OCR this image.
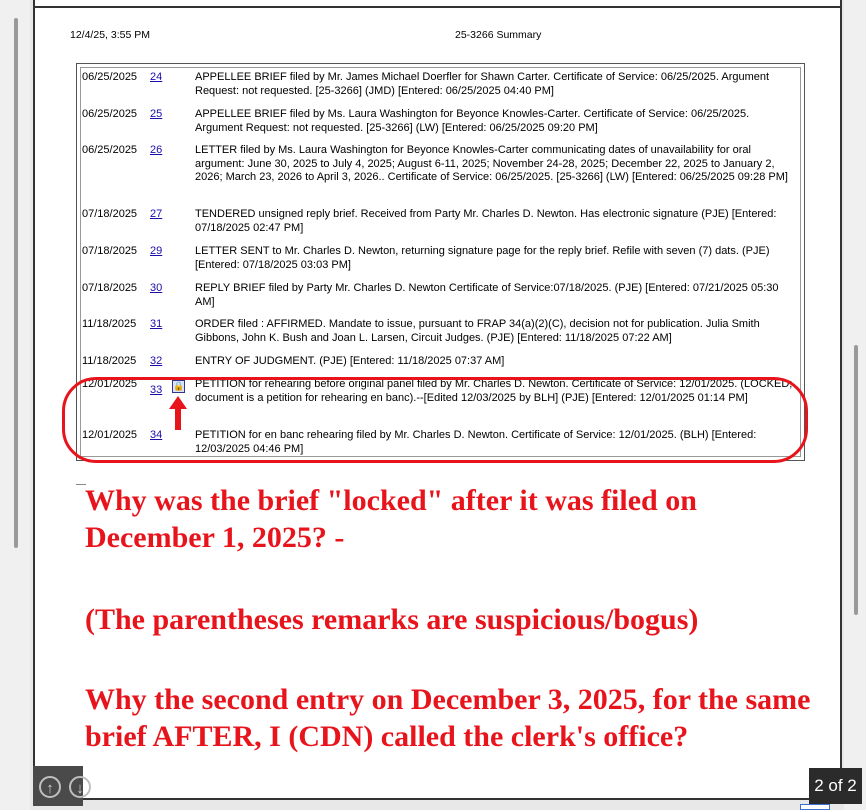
12/4/25, 3:55 PM	25-3266 Summary
06/25/2025	24	APPELLEE BRIEF filed by Mr. James Michael Doerfler for Shawn Carter. Certificate of Service: 06/25/2025. Argument Request: not requested. [25-3266] (JMD) [Entered: 06/25/2025 04:40 PM]
06/25/2025	25	APPELLEE BRIEF filed by Ms. Laura Washington for Beyonce Knowles-Carter. Certificate of Service: 06/25/2025. Argument Request: not requested. [25-3266] (LW) [Entered: 06/25/2025 09:20 PM]
06/25/2025	26	LETTER filed by Ms. Laura Washington for Beyonce Knowles-Carter communicating dates of unavailability for oral argument: June 30, 2025 to July 4, 2025; August 6-11, 2025; November 24-28, 2025; December 22, 2025 to January 2, 2026; March 23, 2026 to April 3, 2026.. Certificate of Service: 06/25/2025. [25-3266] (LW) [Entered: 06/25/2025 09:28 PM]
07/18/2025	27	TENDERED unsigned reply brief. Received from Party Mr. Charles D. Newton. Has electronic signature (PJE) [Entered: 07/18/2025 02:47 PM]
07/18/2025	29	LETTER SENT to Mr. Charles D. Newton, returning signature page for the reply brief. Refile with seven (7) dats. (PJE) [Entered: 07/18/2025 03:03 PM]
07/18/2025	30	REPLY BRIEF filed by Party Mr. Charles D. Newton Certificate of Service:07/18/2025. (PJE) [Entered: 07/21/2025 05:30 AM]
11/18/2025	31	ORDER filed : AFFIRMED. Mandate to issue, pursuant to FRAP 34(a)(2)(C), decision not for publication. Julia Smith Gibbons, John K. Bush and Joan L. Larsen, Circuit Judges. (PJE) [Entered: 11/18/2025 07:22 AM]
11/18/2025	32	ENTRY OF JUDGMENT. (PJE) [Entered: 11/18/2025 07:37 AM]
12/01/2025	33	🔒 PETITION for rehearing before original panel filed by Mr. Charles D. Newton. Certificate of Service: 12/01/2025. (LOCKED; document is a petition for rehearing en banc).--[Edited 12/03/2025 by BLH] (PJE) [Entered: 12/01/2025 01:14 PM]
12/01/2025	34	PETITION for en banc rehearing filed by Mr. Charles D. Newton. Certificate of Service: 12/01/2025. (BLH) [Entered: 12/03/2025 04:46 PM]
Why was the brief "locked" after it was filed on December 1, 2025? -
(The parentheses remarks are suspicious/bogus)
Why the second entry on December 3, 2025, for the same brief AFTER, I (CDN) called the clerk's office?
↑	↓	2 of 2
